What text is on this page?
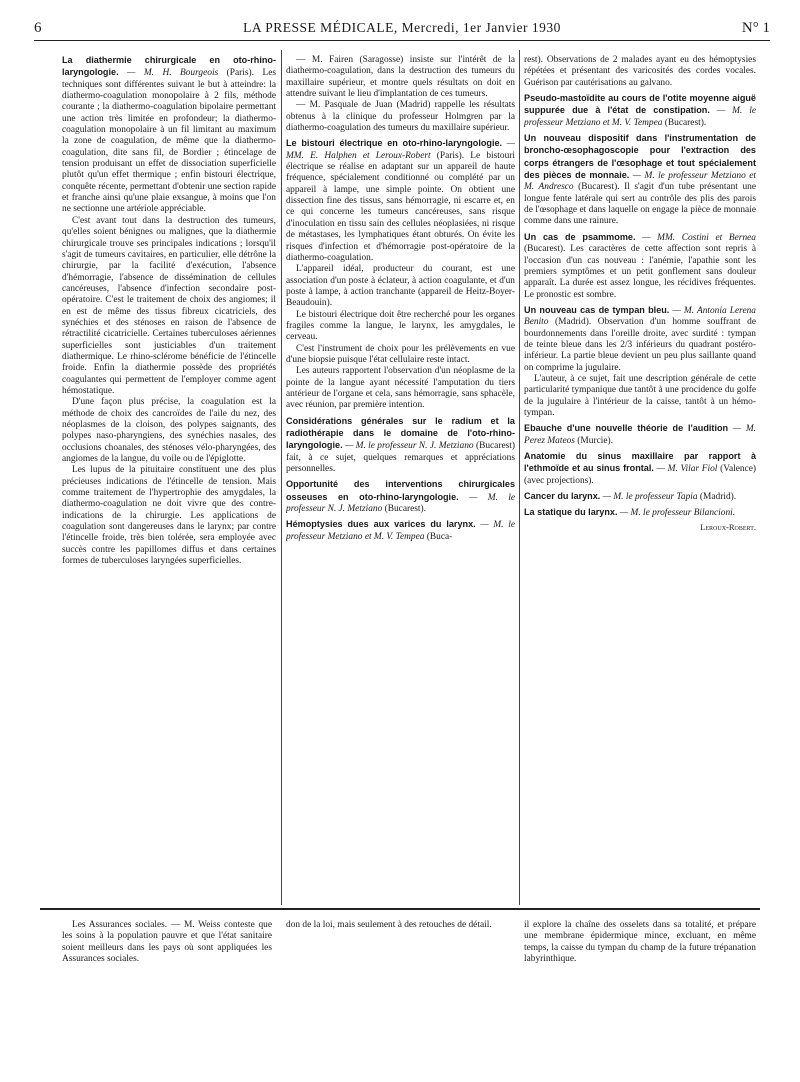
6	LA PRESSE MÉDICALE, Mercredi, 1er Janvier 1930	N° 1

La diathermie chirurgicale en oto-rhino-laryngologie. — M. H. Bourgeois (Paris). Les techniques sont différentes suivant le but à atteindre: la diathermo-coagulation monopolaire à 2 fils, méthode courante ; la diathermo-coagulation bipolaire permettant une action très limitée en profondeur; la diathermo-coagulation monopolaire à un fil limitant au maximum la zone de coagulation, de même que la diathermo-coagulation, dite sans fil, de Bordier ; étincelage de tension produisant un effet de dissociation superficielle plutôt qu'un effet thermique ; enfin bistouri électrique, conquête récente, permettant d'obtenir une section rapide et franche ainsi qu'une plaie exsangue, à moins que l'on ne sectionne une artériole appréciable.

C'est avant tout dans la destruction des tumeurs, qu'elles soient bénignes ou malignes, que la diathermie chirurgicale trouve ses principales indications ; lorsqu'il s'agit de tumeurs cavitaires, en particulier, elle détrône la chirurgie, par la facilité d'exécution, l'absence d'hémorragie, l'absence de dissémination de cellules cancéreuses, l'absence d'infection secondaire post-opératoire. C'est le traitement de choix des angiomes; il en est de même des tissus fibreux cicatriciels, des synéchies et des sténoses en raison de l'absence de rétractilité cicatricielle. Certaines tuberculoses aériennes superficielles sont justiciables d'un traitement diathermique. Le rhino-sclérome bénéficie de l'étincelle froide. Enfin la diathermie possède des propriétés coagulantes qui permettent de l'employer comme agent hémostatique.

D'une façon plus précise, la coagulation est la méthode de choix des cancroïdes de l'aile du nez, des néoplasmes de la cloison, des polypes saignants, des polypes naso-pharyngiens, des synéchies nasales, des occlusions choanales, des sténoses vélo-pharyngées, des angiomes de la langue, du voile ou de l'épiglotte.

Les lupus de la pituitaire constituent une des plus précieuses indications de l'étincelle de tension. Mais comme traitement de l'hypertrophie des amygdales, la diathermo-coagulation ne doit vivre que des contre-indications de la chirurgie. Les applications de coagulation sont dangereuses dans le larynx; par contre l'étincelle froide, très bien tolérée, sera employée avec succès contre les papillomes diffus et dans certaines formes de tuberculoses laryngées superficielles.

— M. Fairen (Saragosse) insiste sur l'intérêt de la diathermo-coagulation, dans la destruction des tumeurs du maxillaire supérieur, et montre quels résultats on doit en attendre suivant le lieu d'implantation de ces tumeurs.

— M. Pasquale de Juan (Madrid) rappelle les résultats obtenus à la clinique du professeur Holmgren par la diathermo-coagulation des tumeurs du maxillaire supérieur.

Le bistouri électrique en oto-rhino-laryngologie. — MM. E. Halphen et Leroux-Robert (Paris). Le bistouri électrique se réalise en adaptant sur un appareil de haute fréquence, spécialement conditionné ou complété par un appareil à lampe, une simple pointe. On obtient une dissection fine des tissus, sans hémorragie, ni escarre et, en ce qui concerne les tumeurs cancéreuses, sans risque d'inoculation en tissu sain des cellules néoplasiées, ni risque de métastases, les lymphatiques étant obturés. On évite les risques d'infection et d'hémorragie post-opératoire de la diathermo-coagulation.

L'appareil idéal, producteur du courant, est une association d'un poste à éclateur, à action coagulante, et d'un poste à lampe, à action tranchante (appareil de Heitz-Boyer-Beaudouin).

Le bistouri électrique doit être recherché pour les organes fragiles comme la langue, le larynx, les amygdales, le cerveau.

C'est l'instrument de choix pour les prélèvements en vue d'une biopsie puisque l'état cellulaire reste intact.

Les auteurs rapportent l'observation d'un néoplasme de la pointe de la langue ayant nécessité l'amputation du tiers antérieur de l'organe et cela, sans hémorragie, sans sphacèle, avec réunion, par première intention.

Considérations générales sur le radium et la radiothérapie dans le domaine de l'oto-rhino-laryngologie. — M. le professeur N. J. Metziano (Bucarest) fait, à ce sujet, quelques remarques et appréciations personnelles.

Opportunité des interventions chirurgicales osseuses en oto-rhino-laryngologie. — M. le professeur N. J. Metziano (Bucarest).

Hémoptysies dues aux varices du larynx. — M. le professeur Metziano et M. V. Tempea (Buca-

rest). Observations de 2 malades ayant eu des hémoptysies répétées et présentant des varicosités des cordes vocales. Guérison par cautérisations au galvano.

Pseudo-mastoïdite au cours de l'otite moyenne aiguë suppurée due à l'état de constipation. — M. le professeur Metziano et M. V. Tempea (Bucarest).

Un nouveau dispositif dans l'instrumentation de broncho-œsophagoscopie pour l'extraction des corps étrangers de l'œsophage et tout spécialement des pièces de monnaie. — M. le professeur Metziano et M. Andresco (Bucarest). Il s'agit d'un tube présentant une longue fente latérale qui sert au contrôle des plis des parois de l'œsophage et dans laquelle on engage la pièce de monnaie comme dans une rainure.

Un cas de psammome. — MM. Costini et Bernea (Bucarest). Les caractères de cette affection sont repris à l'occasion d'un cas nouveau : l'anémie, l'apathie sont les premiers symptômes et un petit gonflement sans douleur apparaît. La durée est assez longue, les récidives fréquentes. Le pronostic est sombre.

Un nouveau cas de tympan bleu. — M. Antonia Lerena Benito (Madrid). Observation d'un homme souffrant de bourdonnements dans l'oreille droite, avec surdité : tympan de teinte bleue dans les 2/3 inférieurs du quadrant postéro-inférieur. La partie bleue devient un peu plus saillante quand on comprime la jugulaire.

L'auteur, à ce sujet, fait une description générale de cette particularité tympanique due tantôt à une procidence du golfe de la jugulaire à l'intérieur de la caisse, tantôt à un hémo-tympan.

Ebauche d'une nouvelle théorie de l'audition — M. Perez Mateos (Murcie).

Anatomie du sinus maxillaire par rapport à l'ethmoïde et au sinus frontal. — M. Vilar Fiol (Valence) (avec projections).

Cancer du larynx. — M. le professeur Tapia (Madrid).

La statique du larynx. — M. le professeur Bilancioni.

Leroux-Robert.

Les Assurances sociales. — M. Weiss conteste que les soins à la population pauvre et que l'état sanitaire soient meilleurs dans les pays où sont appliquées les Assurances sociales.

don de la loi, mais seulement à des retouches de détail.	il explore la chaîne des osselets dans sa totalité, et prépare une membrane épidermique mince, excluant, en même temps, la caisse du tympan du champ de la future trépanation labyrinthique.
